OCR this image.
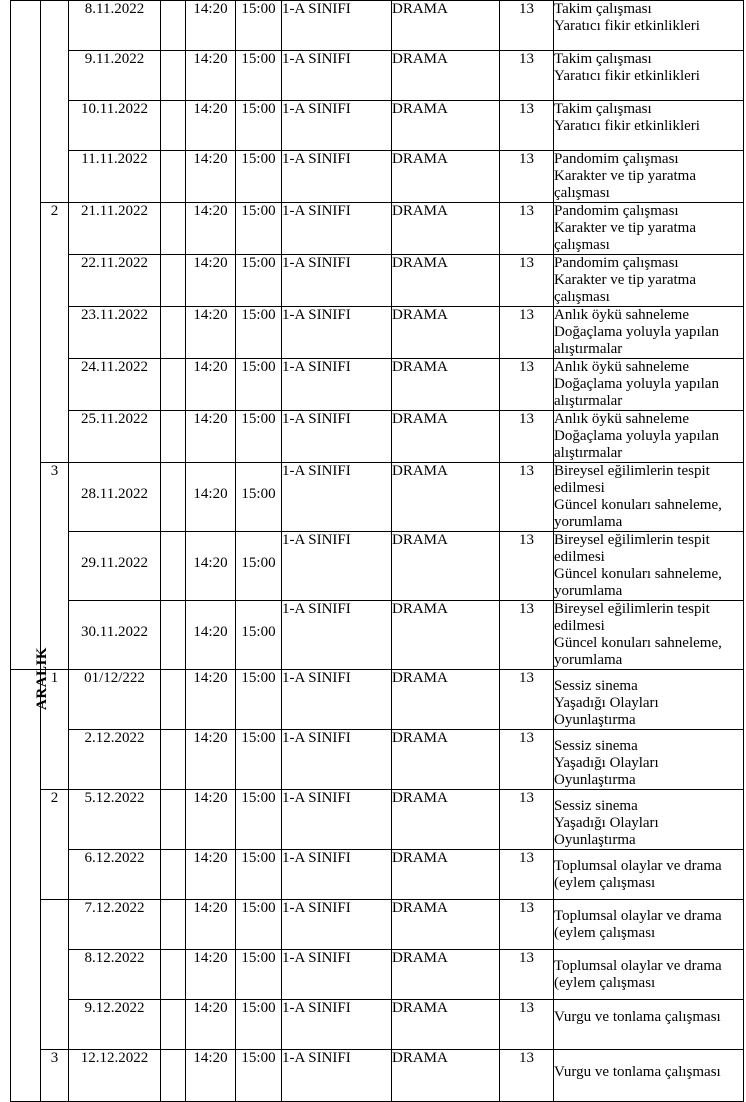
		8.11.2022		14:20	15:00	1-A SINIFI	DRAMA	13	Takim çalışması
Yaratıcı fikir etkinlikleri

		9.11.2022		14:20	15:00	1-A SINIFI	DRAMA	13	Takim çalışması
Yaratıcı fikir etkinlikleri

		10.11.2022		14:20	15:00	1-A SINIFI	DRAMA	13	Takim çalışması
Yaratıcı fikir etkinlikleri

		11.11.2022		14:20	15:00	1-A SINIFI	DRAMA	13	Pandomim çalışması
Karakter ve tip yaratma
çalışması

	2	21.11.2022		14:20	15:00	1-A SINIFI	DRAMA	13	Pandomim çalışması
Karakter ve tip yaratma
çalışması

		22.11.2022		14:20	15:00	1-A SINIFI	DRAMA	13	Pandomim çalışması
Karakter ve tip yaratma
çalışması

		23.11.2022		14:20	15:00	1-A SINIFI	DRAMA	13	Anlık öykü sahneleme
Doğaçlama yoluyla yapılan
alıştırmalar

		24.11.2022		14:20	15:00	1-A SINIFI	DRAMA	13	Anlık öykü sahneleme
Doğaçlama yoluyla yapılan
alıştırmalar

		25.11.2022		14:20	15:00	1-A SINIFI	DRAMA	13	Anlık öykü sahneleme
Doğaçlama yoluyla yapılan
alıştırmalar

	3	28.11.2022		14:20	15:00	1-A SINIFI	DRAMA	13	Bireysel eğilimlerin tespit
edilmesi
Güncel konuları sahneleme,
yorumlama

		29.11.2022		14:20	15:00	1-A SINIFI	DRAMA	13	Bireysel eğilimlerin tespit
edilmesi
Güncel konuları sahneleme,
yorumlama

		30.11.2022		14:20	15:00	1-A SINIFI	DRAMA	13	Bireysel eğilimlerin tespit
edilmesi
Güncel konuları sahneleme,
yorumlama

ARALIK	1	01/12/222		14:20	15:00	1-A SINIFI	DRAMA	13	Sessiz sinema
Yaşadığı Olayları Oyunlaştırma

		2.12.2022		14:20	15:00	1-A SINIFI	DRAMA	13	Sessiz sinema
Yaşadığı Olayları Oyunlaştırma

	2	5.12.2022		14:20	15:00	1-A SINIFI	DRAMA	13	Sessiz sinema
Yaşadığı Olayları Oyunlaştırma

		6.12.2022		14:20	15:00	1-A SINIFI	DRAMA	13	Toplumsal olaylar ve drama
(eylem çalışması

		7.12.2022		14:20	15:00	1-A SINIFI	DRAMA	13	Toplumsal olaylar ve drama
(eylem çalışması

		8.12.2022		14:20	15:00	1-A SINIFI	DRAMA	13	Toplumsal olaylar ve drama
(eylem çalışması

		9.12.2022		14:20	15:00	1-A SINIFI	DRAMA	13	Vurgu ve tonlama çalışması

	3	12.12.2022		14:20	15:00	1-A SINIFI	DRAMA	13	Vurgu ve tonlama çalışması
